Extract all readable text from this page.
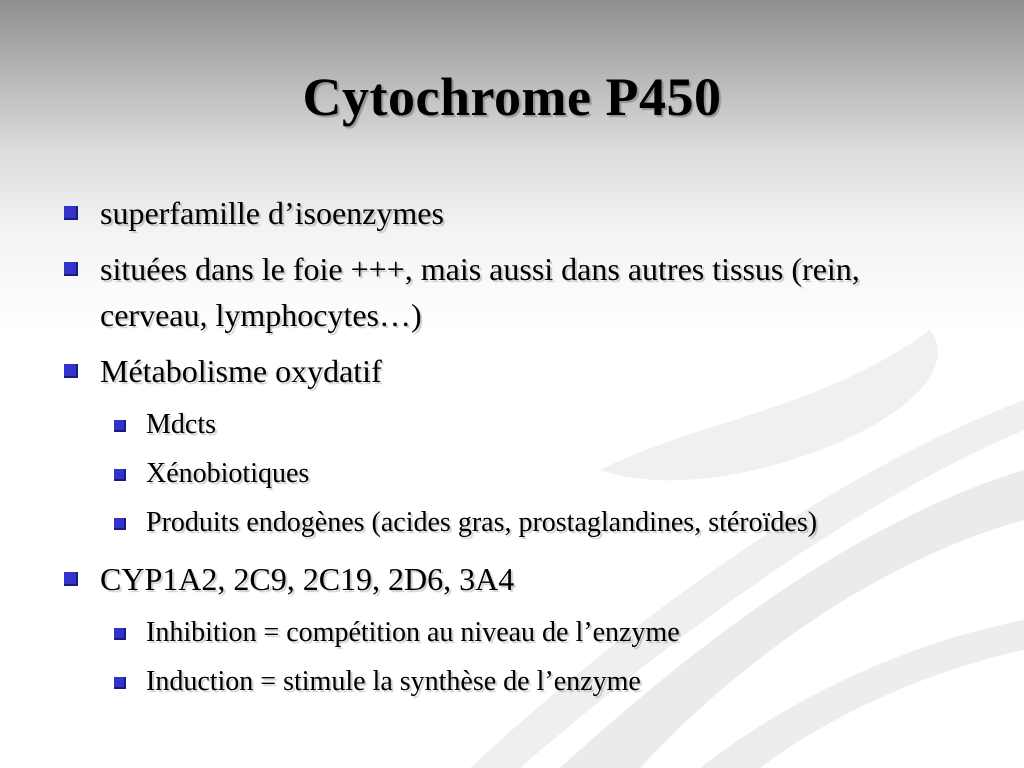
Cytochrome P450
superfamille d’isoenzymes
situées dans le foie +++, mais aussi dans autres tissus (rein, cerveau, lymphocytes…)
Métabolisme oxydatif
Mdcts
Xénobiotiques
Produits endogènes (acides gras, prostaglandines, stéroïdes)
CYP1A2, 2C9, 2C19, 2D6, 3A4
Inhibition = compétition au niveau de l’enzyme
Induction = stimule la synthèse de l’enzyme
